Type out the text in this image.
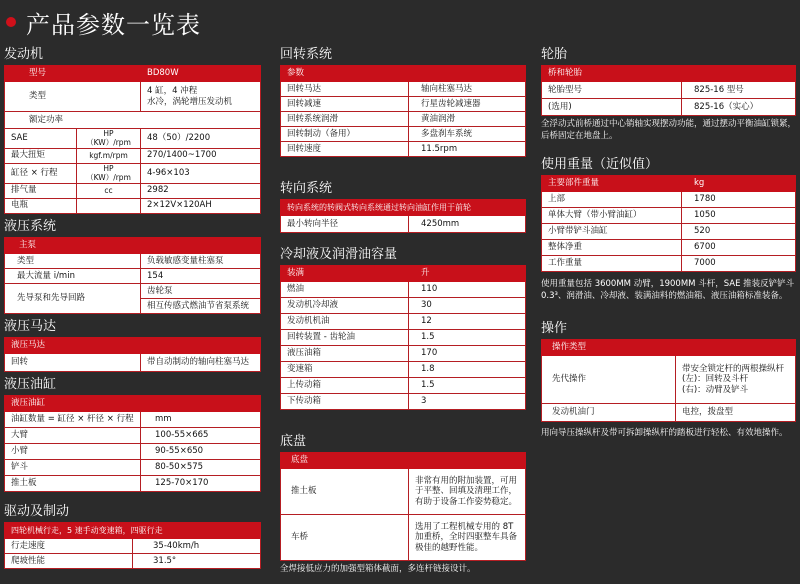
产品参数一览表
发动机
型号		BD80W
类型		4 缸，4 冲程
水冷，涡轮增压发动机

额定功率		
SAE	HP（KW）/rpm	48（50）/2200
最大扭矩	kgf.m/rpm	270/1400~1700
缸径 × 行程	HP（KW）/rpm	4-96×103
排气量	cc	2982
电瓶		2×12V×120AH
液压系统
主泵	
类型	负载敏感变量柱塞泵
最大流量 i/min	154
先导泵和先导回路	齿轮泵
	相互传感式燃油节省泵系统
液压马达
液压马达
回转	带自动制动的轴向柱塞马达
液压油缸
液压油缸	
油缸数量 = 缸径 × 杆径 × 行程	mm
大臂	100-55×665
小臂	90-55×650
铲斗	80-50×575
推土板	125-70×170
驱动及制动
四轮机械行走，5 速手动变速箱，四驱行走	
行走速度	35-40km/h
爬坡性能	31.5°
回转系统
参数	
回转马达	轴向柱塞马达
回转减速	行星齿轮减速器
回转系统润滑	黄油润滑
回转制动（备用）	多盘刹车系统
回转速度	11.5rpm
转向系统
转向系统的转阀式转向系统通过转向油缸作用于前轮
最小转向半径	4250mm
冷却液及润滑油容量
装满	升
燃油	110
发动机冷却液	30
发动机机油	12
回转装置 - 齿轮油	1.5
液压油箱	170
变速箱	1.8
上传动箱	1.5
下传动箱	3
底盘
底盘	
推土板	非常有用的附加装置，可用于平整、回填及清理工作，有助于设备工作姿势稳定。
车桥	选用了工程机械专用的 8T 加重桥，全时四驱整车具备极佳的越野性能。
全焊接低应力的加强型箱体截面，多连杆链接设计。
轮胎
桥和轮胎	
轮胎型号	825-16 型号
(选用)	825-16（实心）
全浮动式前桥通过中心销轴实现摆动功能，通过摆动平衡油缸锁紧，后桥固定在地盘上。
使用重量（近似值）
主要部件重量	kg
上部	1780
单体大臂（带小臂油缸）	1050
小臂带铲斗油缸	520
整体净重	6700
工作重量	7000
使用重量包括 3600MM 动臂，1900MM 斗杆，SAE 推装反铲铲斗 0.3³、润滑油、冷却液、装满油料的燃油箱、液压油箱标准装备。
操作
操作类型	
先代操作	带安全锁定杆的两根操纵杆
(左)：回转及斗杆
(右)：动臂及铲斗

发动机油门	电控，拨盘型
用向导压操纵杆及带可拆卸操纵杆的踏板进行轻松、有效地操作。
